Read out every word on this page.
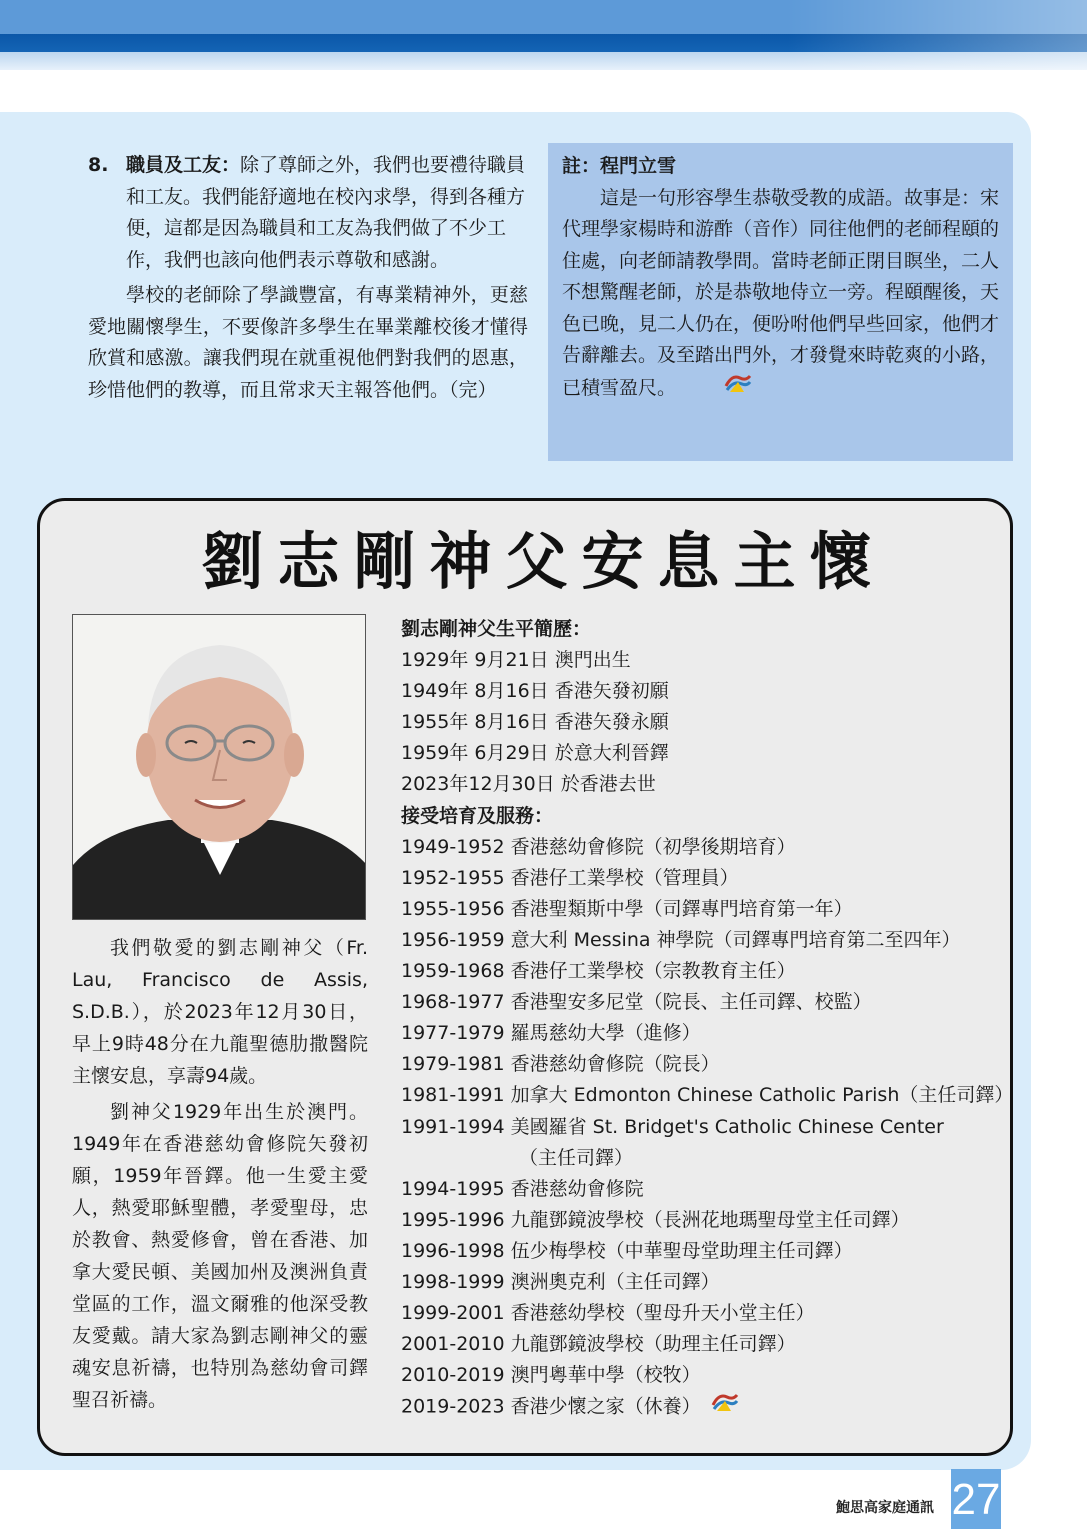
8. 職員及工友：除了尊師之外，我們也要禮待職員和工友。我們能舒適地在校內求學，得到各種方便，這都是因為職員和工友為我們做了不少工作，我們也該向他們表示尊敬和感謝。
學校的老師除了學識豐富，有專業精神外，更慈愛地關懷學生，不要像許多學生在畢業離校後才懂得欣賞和感激。讓我們現在就重視他們對我們的恩惠，珍惜他們的教導，而且常求天主報答他們。（完）
註：程門立雪
這是一句形容學生恭敬受教的成語。故事是：宋代理學家楊時和游酢（音作）同往他們的老師程頤的住處，向老師請教學問。當時老師正閉目瞑坐，二人不想驚醒老師，於是恭敬地侍立一旁。程頤醒後，天色已晚，見二人仍在，便吩咐他們早些回家，他們才告辭離去。及至踏出門外，才發覺來時乾爽的小路，已積雪盈尺。
劉志剛神父安息主懷

我們敬愛的劉志剛神父（Fr. Lau, Francisco de Assis, S.D.B.），於2023年12月30日，早上9時48分在九龍聖德肋撒醫院主懷安息，享壽94歲。

劉神父1929年出生於澳門。1949年在香港慈幼會修院矢發初願，1959年晉鐸。他一生愛主愛人，熱愛耶穌聖體，孝愛聖母，忠於教會、熱愛修會，曾在香港、加拿大愛民頓、美國加州及澳洲負責堂區的工作，溫文爾雅的他深受教友愛戴。請大家為劉志剛神父的靈魂安息祈禱，也特別為慈幼會司鐸聖召祈禱。

劉志剛神父生平簡歷：
1929年 9月21日 澳門出生
1949年 8月16日 香港矢發初願
1955年 8月16日 香港矢發永願
1959年 6月29日 於意大利晉鐸
2023年12月30日 於香港去世
接受培育及服務：
1949-1952 香港慈幼會修院（初學後期培育）
1952-1955 香港仔工業學校（管理員）
1955-1956 香港聖類斯中學（司鐸專門培育第一年）
1956-1959 意大利 Messina 神學院（司鐸專門培育第二至四年）
1959-1968 香港仔工業學校（宗教教育主任）
1968-1977 香港聖安多尼堂（院長、主任司鐸、校監）
1977-1979 羅馬慈幼大學（進修）
1979-1981 香港慈幼會修院（院長）
1981-1991 加拿大 Edmonton Chinese Catholic Parish（主任司鐸）
1991-1994 美國羅省 St. Bridget's Catholic Chinese Center
（主任司鐸）
1994-1995 香港慈幼會修院
1995-1996 九龍鄧鏡波學校（長洲花地瑪聖母堂主任司鐸）
1996-1998 伍少梅學校（中華聖母堂助理主任司鐸）
1998-1999 澳洲奧克利（主任司鐸）
1999-2001 香港慈幼學校（聖母升天小堂主任）
2001-2010 九龍鄧鏡波學校（助理主任司鐸）
2010-2019 澳門粵華中學（校牧）
2019-2023 香港少懷之家（休養）
鮑思高家庭通訊 27
